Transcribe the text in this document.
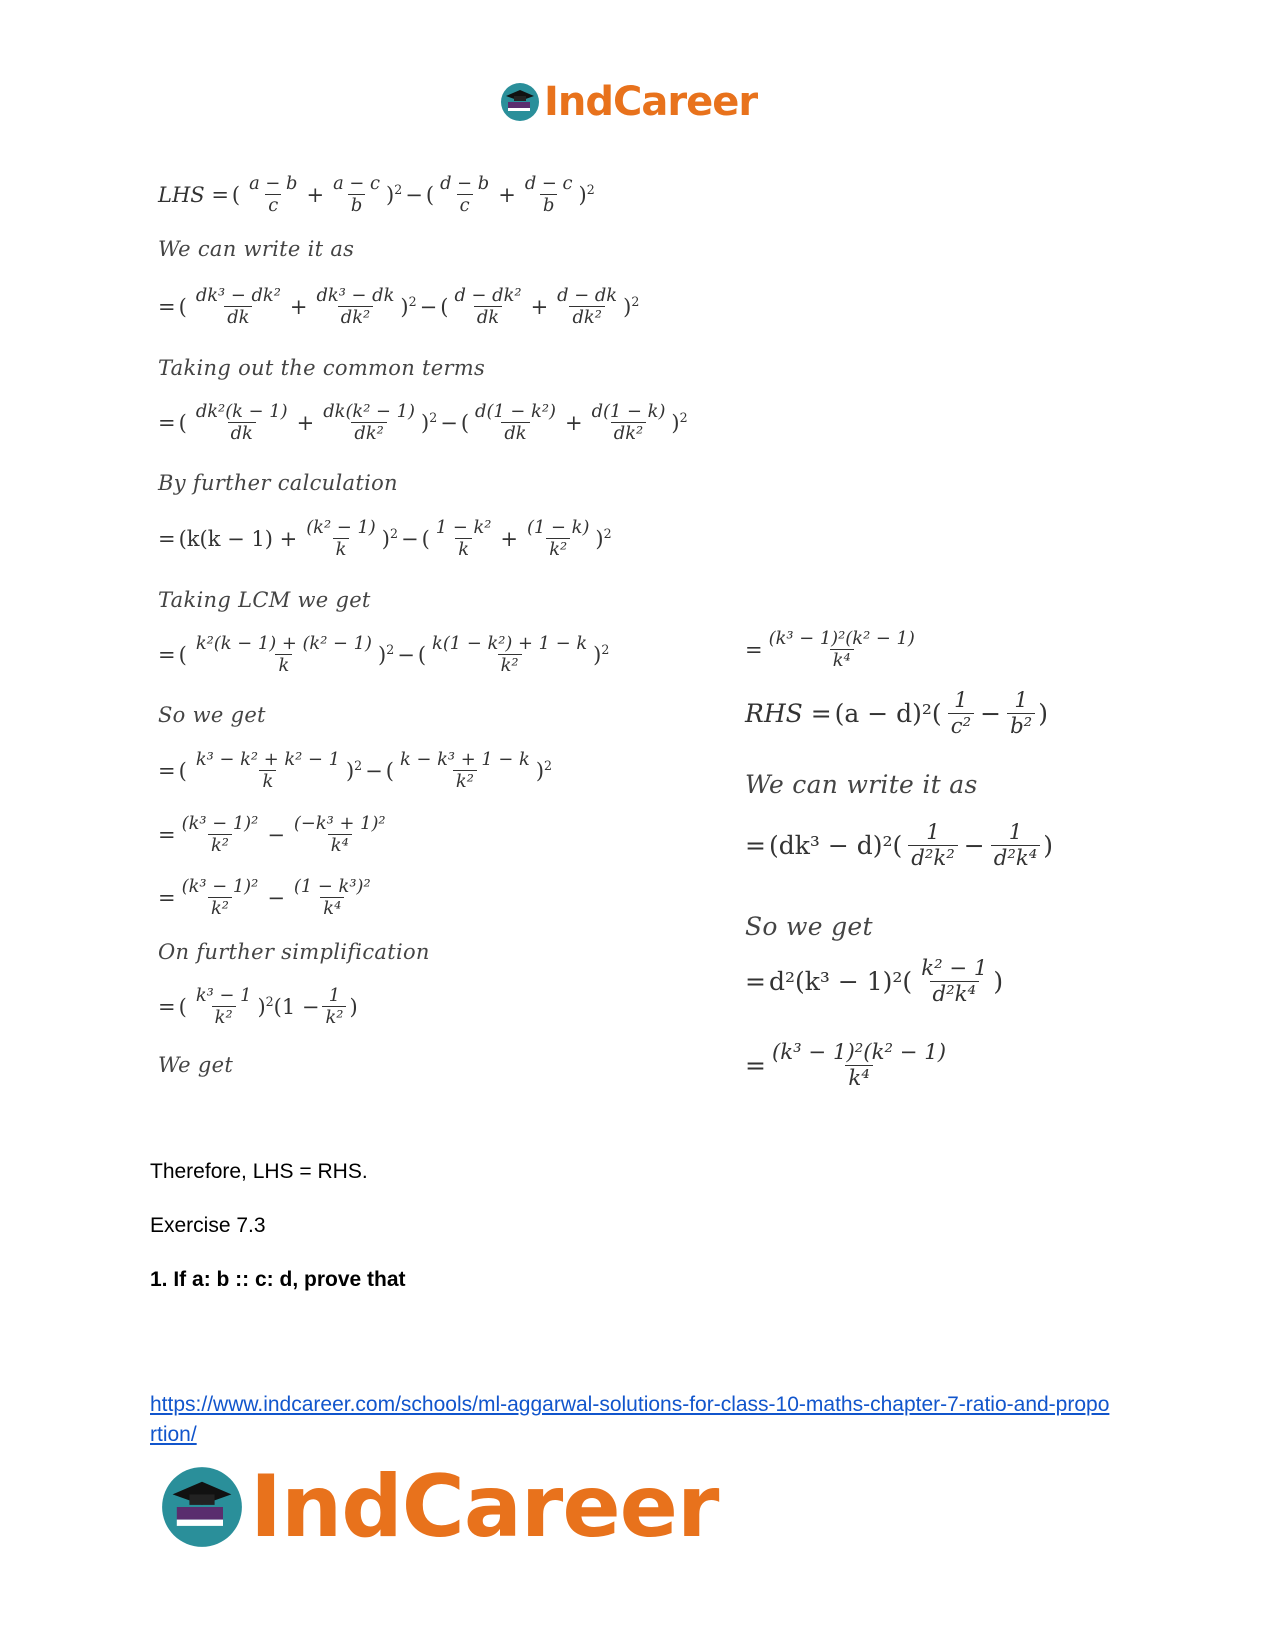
IndCareer
LHS = ( $\frac{a - b}{c} + \frac{a - c}{b} )^2$ − ( $\frac{d - b}{c} + \frac{d - c}{b} )^2$
We can write it as
= ( $\frac{\text{dk³ − dk²}}{dk} + \frac{\text{dk³ − dk}}{\text{dk²}} )^2$ − ( $\frac{\text{d − dk²}}{dk} + \frac{d - dk}{\text{dk²}} )^2$
Taking out the common terms
= ( $\frac{\text{dk²(k − 1)}}{dk} + \frac{\text{dk(k² − 1)}}{\text{dk²}} )^2$ − ( $\frac{\text{d(1 − k²)}}{dk} + \frac{d(1 - k)}{\text{dk²}} )^2$
By further calculation
= $(k(k - 1) + \frac{\text{(k² − 1)}}{k} )^2$ − ( $\frac{\text{1 − k²}}{k} + \frac{(1 - k)}{\text{k²}} )^2$
Taking LCM we get
= ( $\frac{\text{k²(k − 1) + (k² − 1)}}{k} )^2$ − ( $\frac{\text{k(1 − k²) + 1 − k}}{\text{k²}} )^2$
So we get
= ( $\frac{\text{k³ − k² + k² − 1}}{k} )^2$ − ( $\frac{\text{k − k³ + 1 − k}}{\text{k²}} )^2$
= $\frac{\text{(k³ − 1)²}}{\text{k²}} - \frac{\text{(−k³ + 1)²}}{\text{k⁴}}$
= $\frac{\text{(k³ − 1)²}}{\text{k²}} - \frac{\text{(1 − k³)²}}{\text{k⁴}}$
On further simplification
= ( $\frac{\text{k³ − 1}}{\text{k²}} )^2(1 - \frac{1}{\text{k²}}$ )
We get
= $\frac{\text{(k³ − 1)²(k² − 1)}}{\text{k⁴}}$
RHS = $(a - d)^2( \frac{1}{\text{c²}} - \frac{1}{\text{b²}}$ )
We can write it as
= $(dk^3 - d)^2( \frac{1}{\text{d²k²}} - \frac{1}{\text{d²k⁴}}$ )
So we get
= $d^2(k^3 - 1)^2( \frac{\text{k² − 1}}{\text{d²k⁴}}$ )
= $\frac{\text{(k³ − 1)²(k² − 1)}}{\text{k⁴}}$
Therefore, LHS = RHS.
Exercise 7.3
1. If a: b :: c: d, prove that
https://www.indcareer.com/schools/ml-aggarwal-solutions-for-class-10-maths-chapter-7-ratio-and-proportion/
IndCareer
